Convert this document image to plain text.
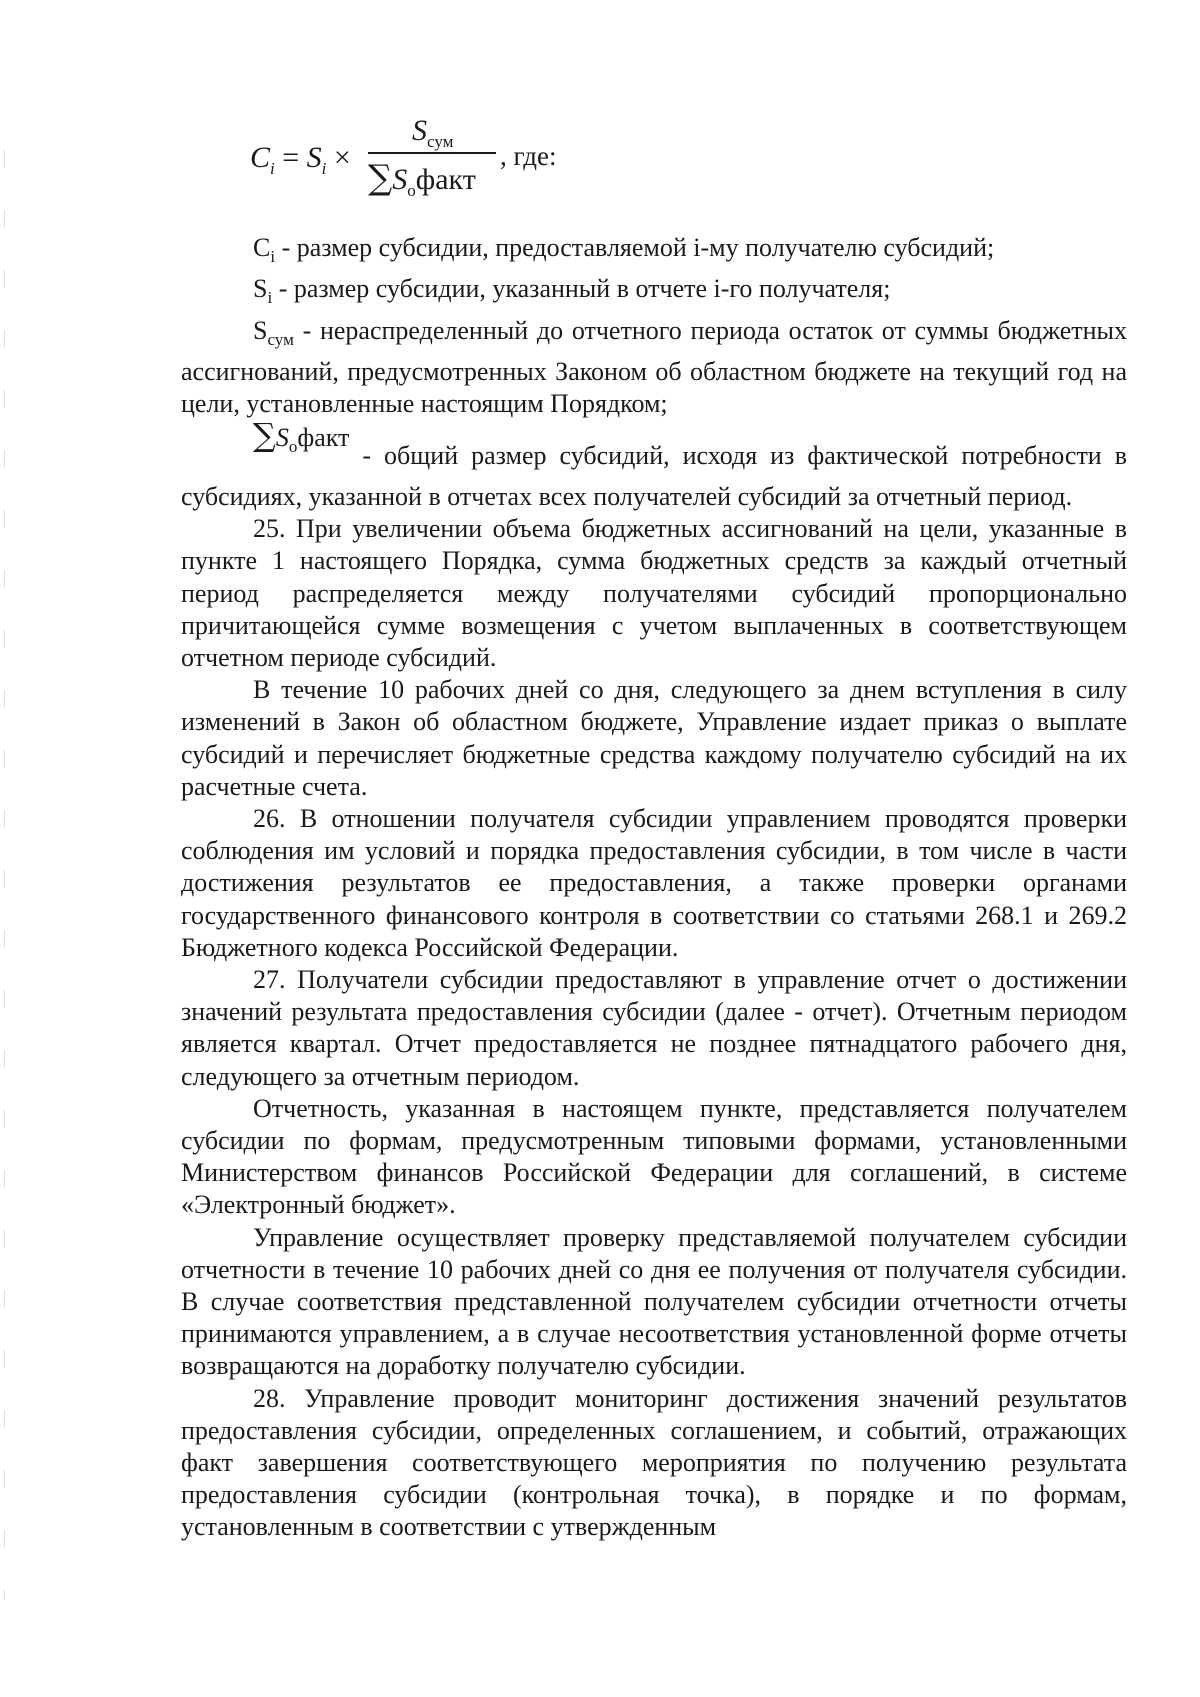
$C_i = S_i$ ×
$S_{сум}$
$\sum S_офакт$
, где:

$C_i$ - размер субсидии, предоставляемой i-му получателю субсидий;

$S_i$ - размер субсидии, указанный в отчете i-го получателя;

$S_{сум}$ - нераспределенный до отчетного периода остаток от суммы бюджетных ассигнований, предусмотренных Законом об областном бюджете на текущий год на цели, установленные настоящим Порядком;

$\sum S_офакт$ - общий размер субсидий, исходя из фактической потребности в субсидиях, указанной в отчетах всех получателей субсидий за отчетный период.

25. При увеличении объема бюджетных ассигнований на цели, указанные в пункте 1 настоящего Порядка, сумма бюджетных средств за каждый отчетный период распределяется между получателями субсидий пропорционально причитающейся сумме возмещения с учетом выплаченных в соответствующем отчетном периоде субсидий.

В течение 10 рабочих дней со дня, следующего за днем вступления в силу изменений в Закон об областном бюджете, Управление издает приказ о выплате субсидий и перечисляет бюджетные средства каждому получателю субсидий на их расчетные счета.

26. В отношении получателя субсидии управлением проводятся проверки соблюдения им условий и порядка предоставления субсидии, в том числе в части достижения результатов ее предоставления, а также проверки органами государственного финансового контроля в соответствии со статьями 268.1 и 269.2 Бюджетного кодекса Российской Федерации.

27. Получатели субсидии предоставляют в управление отчет о достижении значений результата предоставления субсидии (далее - отчет). Отчетным периодом является квартал. Отчет предоставляется не позднее пятнадцатого рабочего дня, следующего за отчетным периодом.

Отчетность, указанная в настоящем пункте, представляется получателем субсидии по формам, предусмотренным типовыми формами, установленными Министерством финансов Российской Федерации для соглашений, в системе «Электронный бюджет».

Управление осуществляет проверку представляемой получателем субсидии отчетности в течение 10 рабочих дней со дня ее получения от получателя субсидии. В случае соответствия представленной получателем субсидии отчетности отчеты принимаются управлением, а в случае несоответствия установленной форме отчеты возвращаются на доработку получателю субсидии.

28. Управление проводит мониторинг достижения значений результатов предоставления субсидии, определенных соглашением, и событий, отражающих факт завершения соответствующего мероприятия по получению результата предоставления субсидии (контрольная точка), в порядке и по формам, установленным в соответствии с утвержденным
